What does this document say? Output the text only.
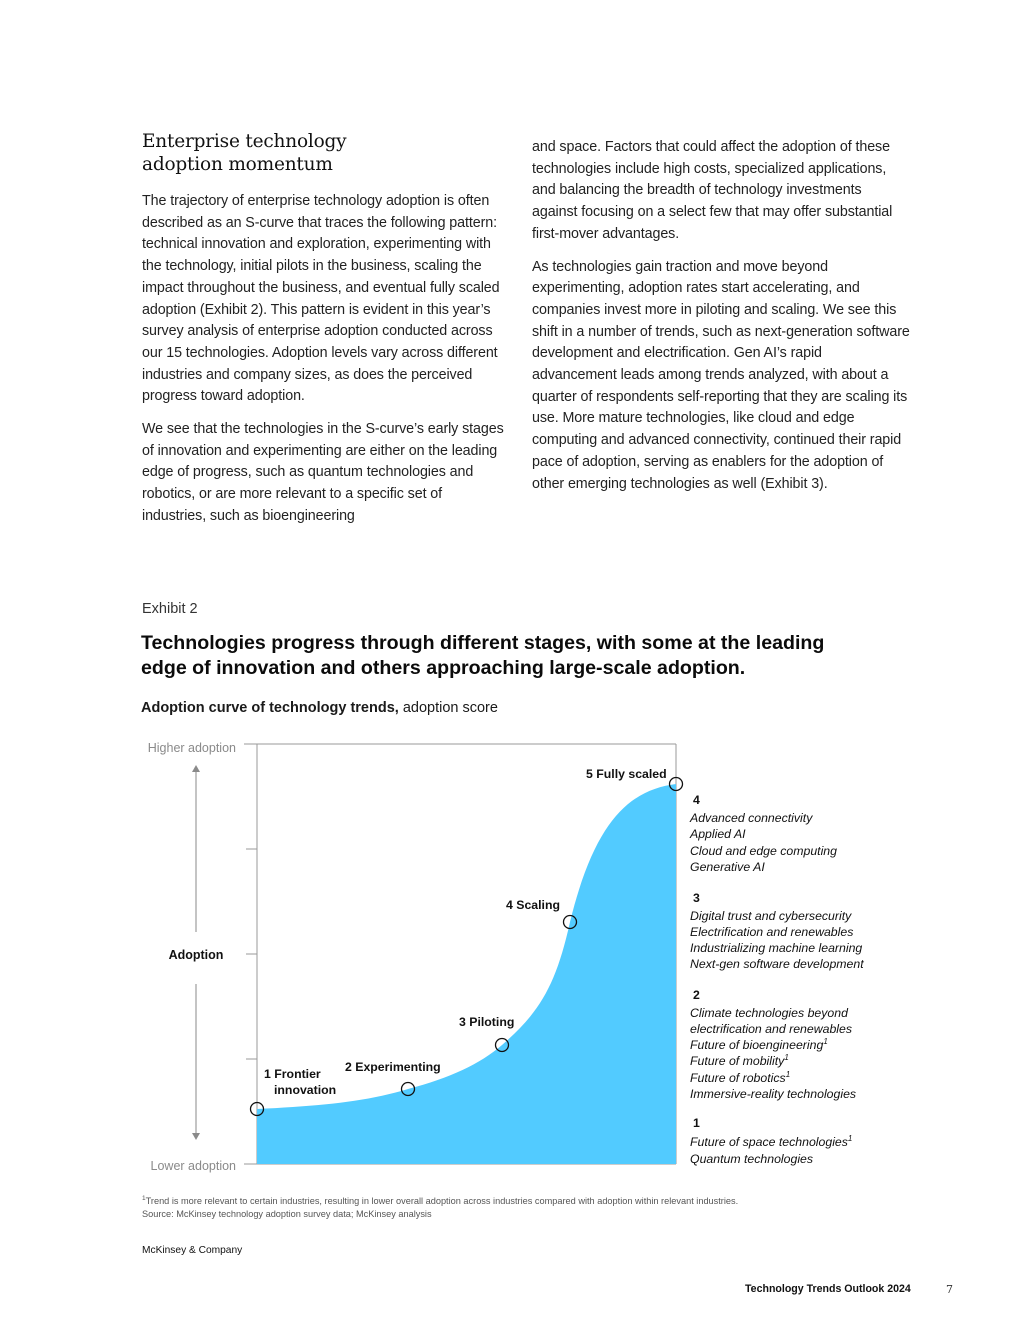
Enterprise technology
adoption momentum

The trajectory of enterprise technology adoption is often described as an S-curve that traces the following pattern: technical innovation and exploration, experimenting with the technology, initial pilots in the business, scaling the impact throughout the business, and eventual fully scaled adoption (Exhibit 2). This pattern is evident in this year’s survey analysis of enterprise adoption conducted across our 15 technologies. Adoption levels vary across different industries and company sizes, as does the perceived progress toward adoption.

We see that the technologies in the S-curve’s early stages of innovation and experimenting are either on the leading edge of progress, such as quantum technologies and robotics, or are more relevant to a specific set of industries, such as bioengineering

and space. Factors that could affect the adoption of these technologies include high costs, specialized applications, and balancing the breadth of technology investments against focusing on a select few that may offer substantial first-mover advantages.

As technologies gain traction and move beyond experimenting, adoption rates start accelerating, and companies invest more in piloting and scaling. We see this shift in a number of trends, such as next-generation software development and electrification. Gen AI’s rapid advancement leads among trends analyzed, with about a quarter of respondents self-reporting that they are scaling its use. More mature technologies, like cloud and edge computing and advanced connectivity, continued their rapid pace of adoption, serving as enablers for the adoption of other emerging technologies as well (Exhibit 3).

Exhibit 2
Technologies progress through different stages, with some at the leading edge of innovation and others approaching large-scale adoption.
Adoption curve of technology trends, adoption score
Higher adoption
Lower adoption
Adoption
1 Frontier innovation
2 Experimenting
3 Piloting
4 Scaling
5 Fully scaled
4
Advanced connectivity
Applied AI
Cloud and edge computing
Generative AI
3
Digital trust and cybersecurity
Electrification and renewables
Industrializing machine learning
Next-gen software development
2
Climate technologies beyond
electrification and renewables
Future of bioengineering$^1$
Future of mobility$^1$
Future of robotics$^1$
Immersive-reality technologies
1
Future of space technologies$^1$
Quantum technologies
$^1$Trend is more relevant to certain industries, resulting in lower overall adoption across industries compared with adoption within relevant industries.
Source: McKinsey technology adoption survey data; McKinsey analysis
McKinsey & Company
Technology Trends Outlook 2024	7
